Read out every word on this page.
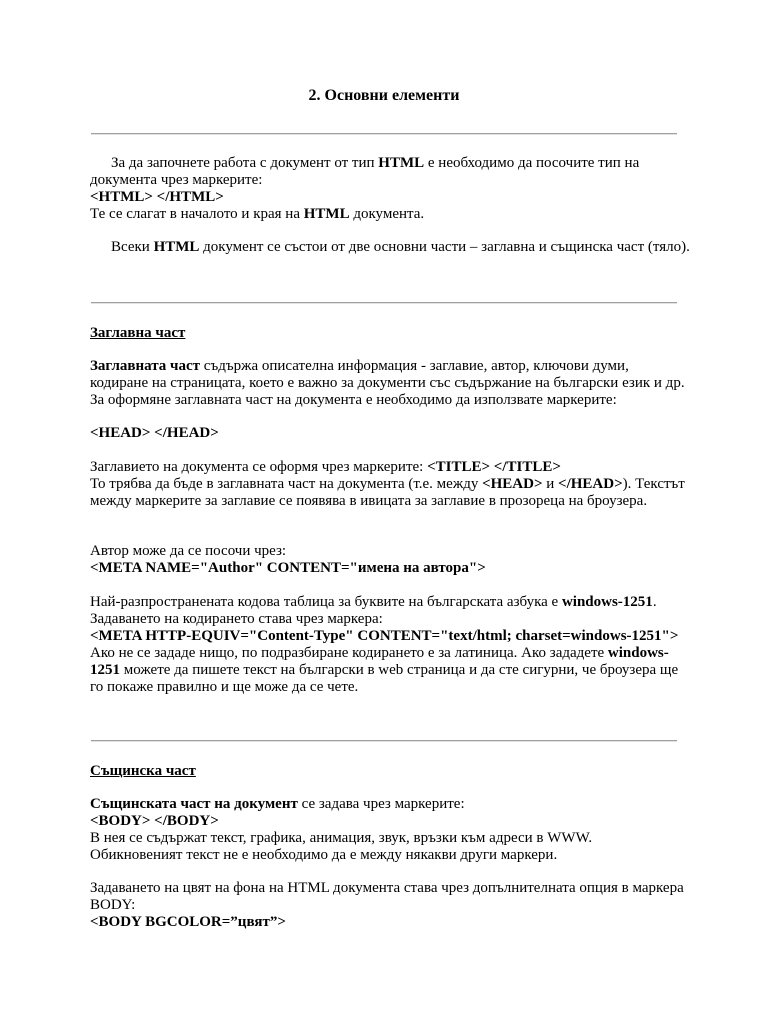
2. Основни елементи

За да започнете работа с документ от тип HTML е необходимо да посочите тип на документа чрез маркерите:

<HTML> </HTML>

Те се слагат в началото и края на HTML документа.

Всеки HTML документ се състои от две основни части – заглавна и същинска част (тяло).

Заглавна част

Заглавната част съдържа описателна информация - заглавие, автор, ключови думи, кодиране на страницата, което е важно за документи със съдържание на български език и др. За оформяне заглавната част на документа е необходимо да използвате маркерите:

<HEAD> </HEAD>

Заглавието на документа се оформя чрез маркерите: <TITLE> </TITLE>
То трябва да бъде в заглавната част на документа (т.е. между <HEAD> и </HEAD>). Текстът между маркерите за заглавие се появява в ивицата за заглавие в прозореца на броузера.

Автор може да се посочи чрез:
<META NAME="Author" CONTENT="имена на автора">

Най-разпространената кодова таблица за буквите на българската азбука е windows-1251. Задаването на кодирането става чрез маркера:
<META HTTP-EQUIV="Content-Type" CONTENT="text/html; charset=windows-1251">
Ако не се зададе нищо, по подразбиране кодирането е за латиница. Ако зададете windows-1251 можете да пишете текст на български в web страница и да сте сигурни, че броузера ще го покаже правилно и ще може да се чете.

Същинска част

Същинската част на документ се задава чрез маркерите:
<BODY> </BODY>
В нея се съдържат текст, графика, анимация, звук, връзки към адреси в WWW.
Обикновеният текст не е необходимо да е между някакви други маркери.

Задаването на цвят на фона на HTML документа става чрез допълнителната опция в маркера BODY:
<BODY BGCOLOR=”цвят”>
